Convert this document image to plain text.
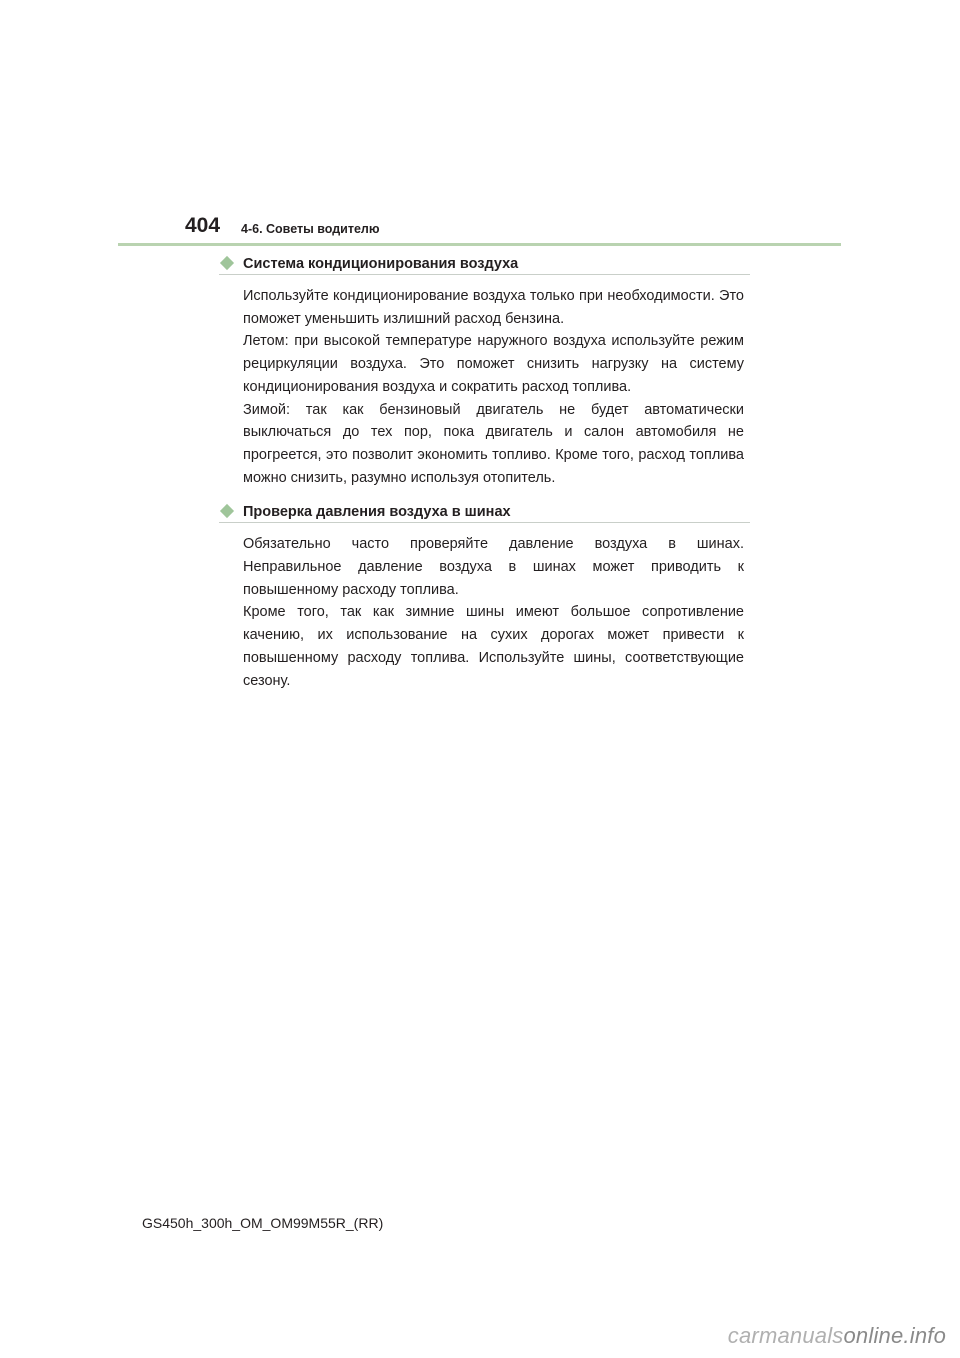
404 4-6. Советы водителю
Система кондиционирования воздуха

Используйте кондиционирование воздуха только при необходимости. Это поможет уменьшить излишний расход бензина.

Летом: при высокой температуре наружного воздуха используйте режим рециркуляции воздуха. Это поможет снизить нагрузку на систему кондиционирования воздуха и сократить расход топлива.

Зимой: так как бензиновый двигатель не будет автоматически выключаться до тех пор, пока двигатель и салон автомобиля не прогреется, это позволит экономить топливо. Кроме того, расход топлива можно снизить, разумно используя отопитель.

Проверка давления воздуха в шинах

Обязательно часто проверяйте давление воздуха в шинах. Неправильное давление воздуха в шинах может приводить к повышенному расходу топлива.

Кроме того, так как зимние шины имеют большое сопротивление качению, их использование на сухих дорогах может привести к повышенному расходу топлива. Используйте шины, соответствующие сезону.

GS450h_300h_OM_OM99M55R_(RR)
carmanualsonline.info
